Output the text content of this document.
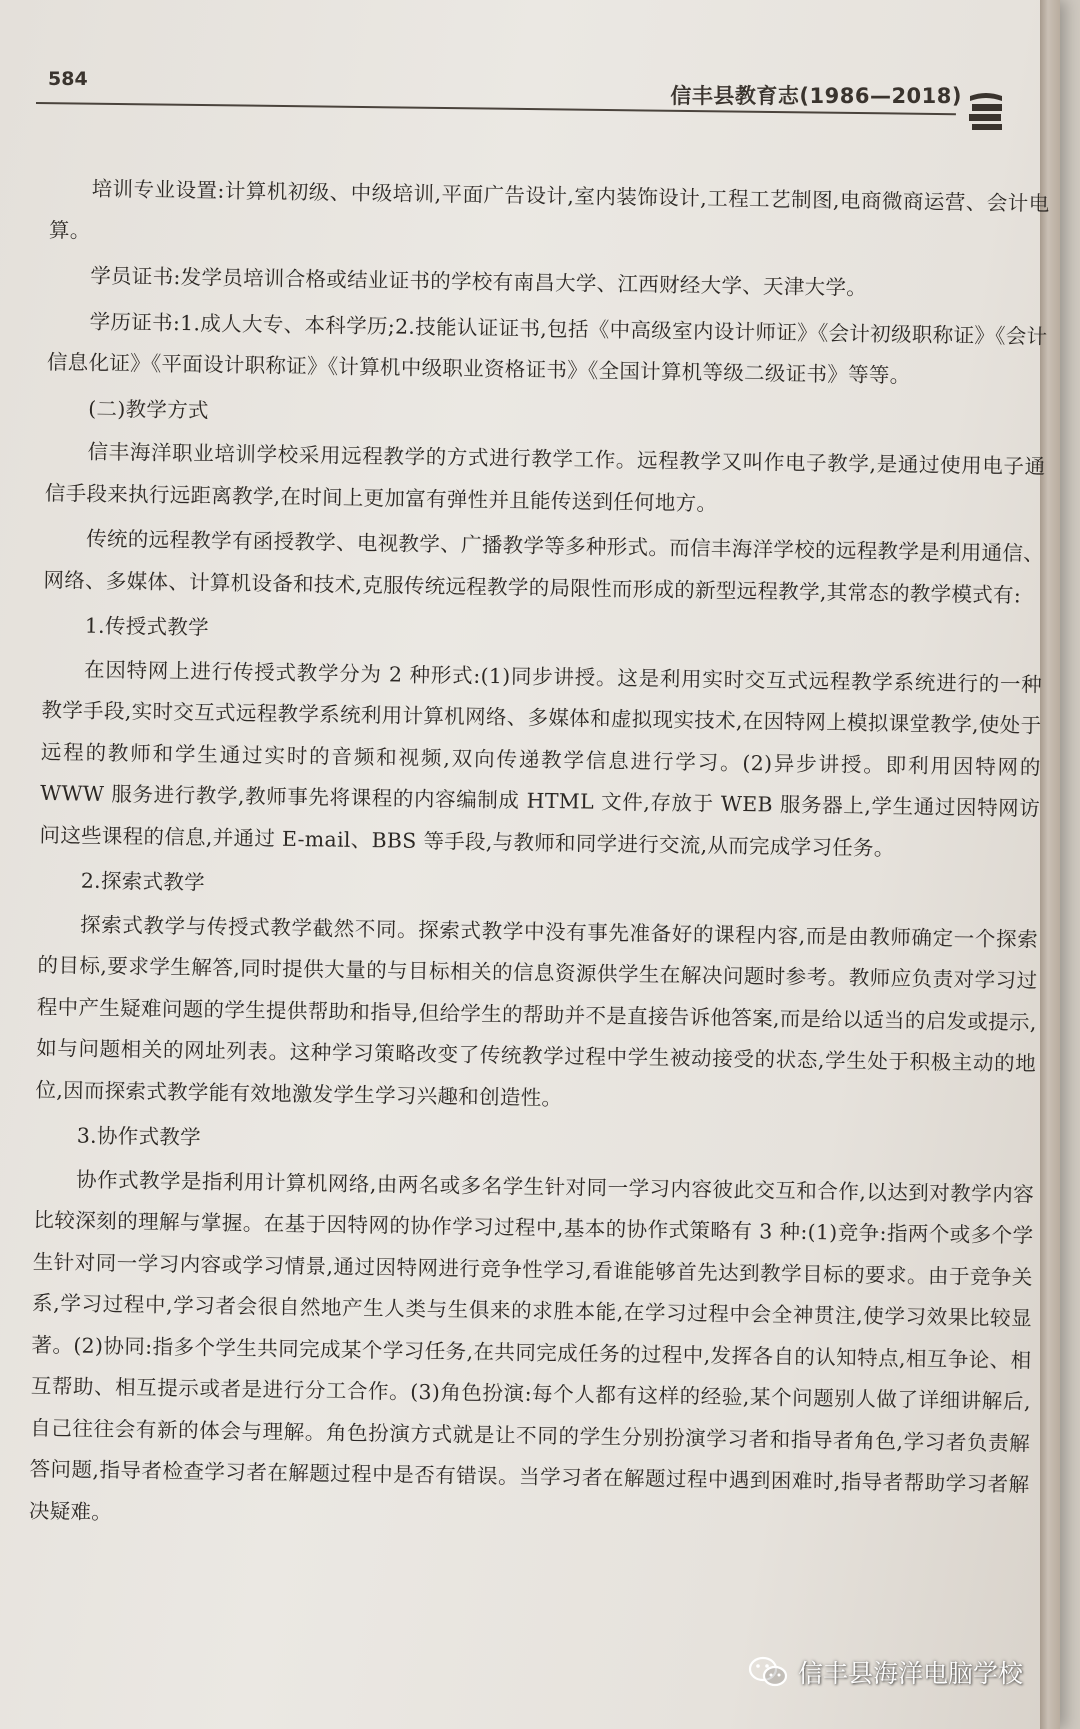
584
信丰县教育志(1986—2018)

培训专业设置:计算机初级、中级培训,平面广告设计,室内装饰设计,工程工艺制图,电商微商运营、会计电算。

学员证书:发学员培训合格或结业证书的学校有南昌大学、江西财经大学、天津大学。

学历证书:1.成人大专、本科学历;2.技能认证证书,包括《中高级室内设计师证》《会计初级职称证》《会计信息化证》《平面设计职称证》《计算机中级职业资格证书》《全国计算机等级二级证书》等等。

(二)教学方式

信丰海洋职业培训学校采用远程教学的方式进行教学工作。远程教学又叫作电子教学,是通过使用电子通信手段来执行远距离教学,在时间上更加富有弹性并且能传送到任何地方。

传统的远程教学有函授教学、电视教学、广播教学等多种形式。而信丰海洋学校的远程教学是利用通信、网络、多媒体、计算机设备和技术,克服传统远程教学的局限性而形成的新型远程教学,其常态的教学模式有:

1.传授式教学

在因特网上进行传授式教学分为 2 种形式:(1)同步讲授。这是利用实时交互式远程教学系统进行的一种教学手段,实时交互式远程教学系统利用计算机网络、多媒体和虚拟现实技术,在因特网上模拟课堂教学,使处于远程的教师和学生通过实时的音频和视频,双向传递教学信息进行学习。(2)异步讲授。即利用因特网的 WWW 服务进行教学,教师事先将课程的内容编制成 HTML 文件,存放于 WEB 服务器上,学生通过因特网访问这些课程的信息,并通过 E-mail、BBS 等手段,与教师和同学进行交流,从而完成学习任务。

2.探索式教学

探索式教学与传授式教学截然不同。探索式教学中没有事先准备好的课程内容,而是由教师确定一个探索的目标,要求学生解答,同时提供大量的与目标相关的信息资源供学生在解决问题时参考。教师应负责对学习过程中产生疑难问题的学生提供帮助和指导,但给学生的帮助并不是直接告诉他答案,而是给以适当的启发或提示,如与问题相关的网址列表。这种学习策略改变了传统教学过程中学生被动接受的状态,学生处于积极主动的地位,因而探索式教学能有效地激发学生学习兴趣和创造性。

3.协作式教学

协作式教学是指利用计算机网络,由两名或多名学生针对同一学习内容彼此交互和合作,以达到对教学内容比较深刻的理解与掌握。在基于因特网的协作学习过程中,基本的协作式策略有 3 种:(1)竞争:指两个或多个学生针对同一学习内容或学习情景,通过因特网进行竞争性学习,看谁能够首先达到教学目标的要求。由于竞争关系,学习过程中,学习者会很自然地产生人类与生俱来的求胜本能,在学习过程中会全神贯注,使学习效果比较显著。(2)协同:指多个学生共同完成某个学习任务,在共同完成任务的过程中,发挥各自的认知特点,相互争论、相互帮助、相互提示或者是进行分工合作。(3)角色扮演:每个人都有这样的经验,某个问题别人做了详细讲解后,自己往往会有新的体会与理解。角色扮演方式就是让不同的学生分别扮演学习者和指导者角色,学习者负责解答问题,指导者检查学习者在解题过程中是否有错误。当学习者在解题过程中遇到困难时,指导者帮助学习者解决疑难。

信丰县海洋电脑学校
